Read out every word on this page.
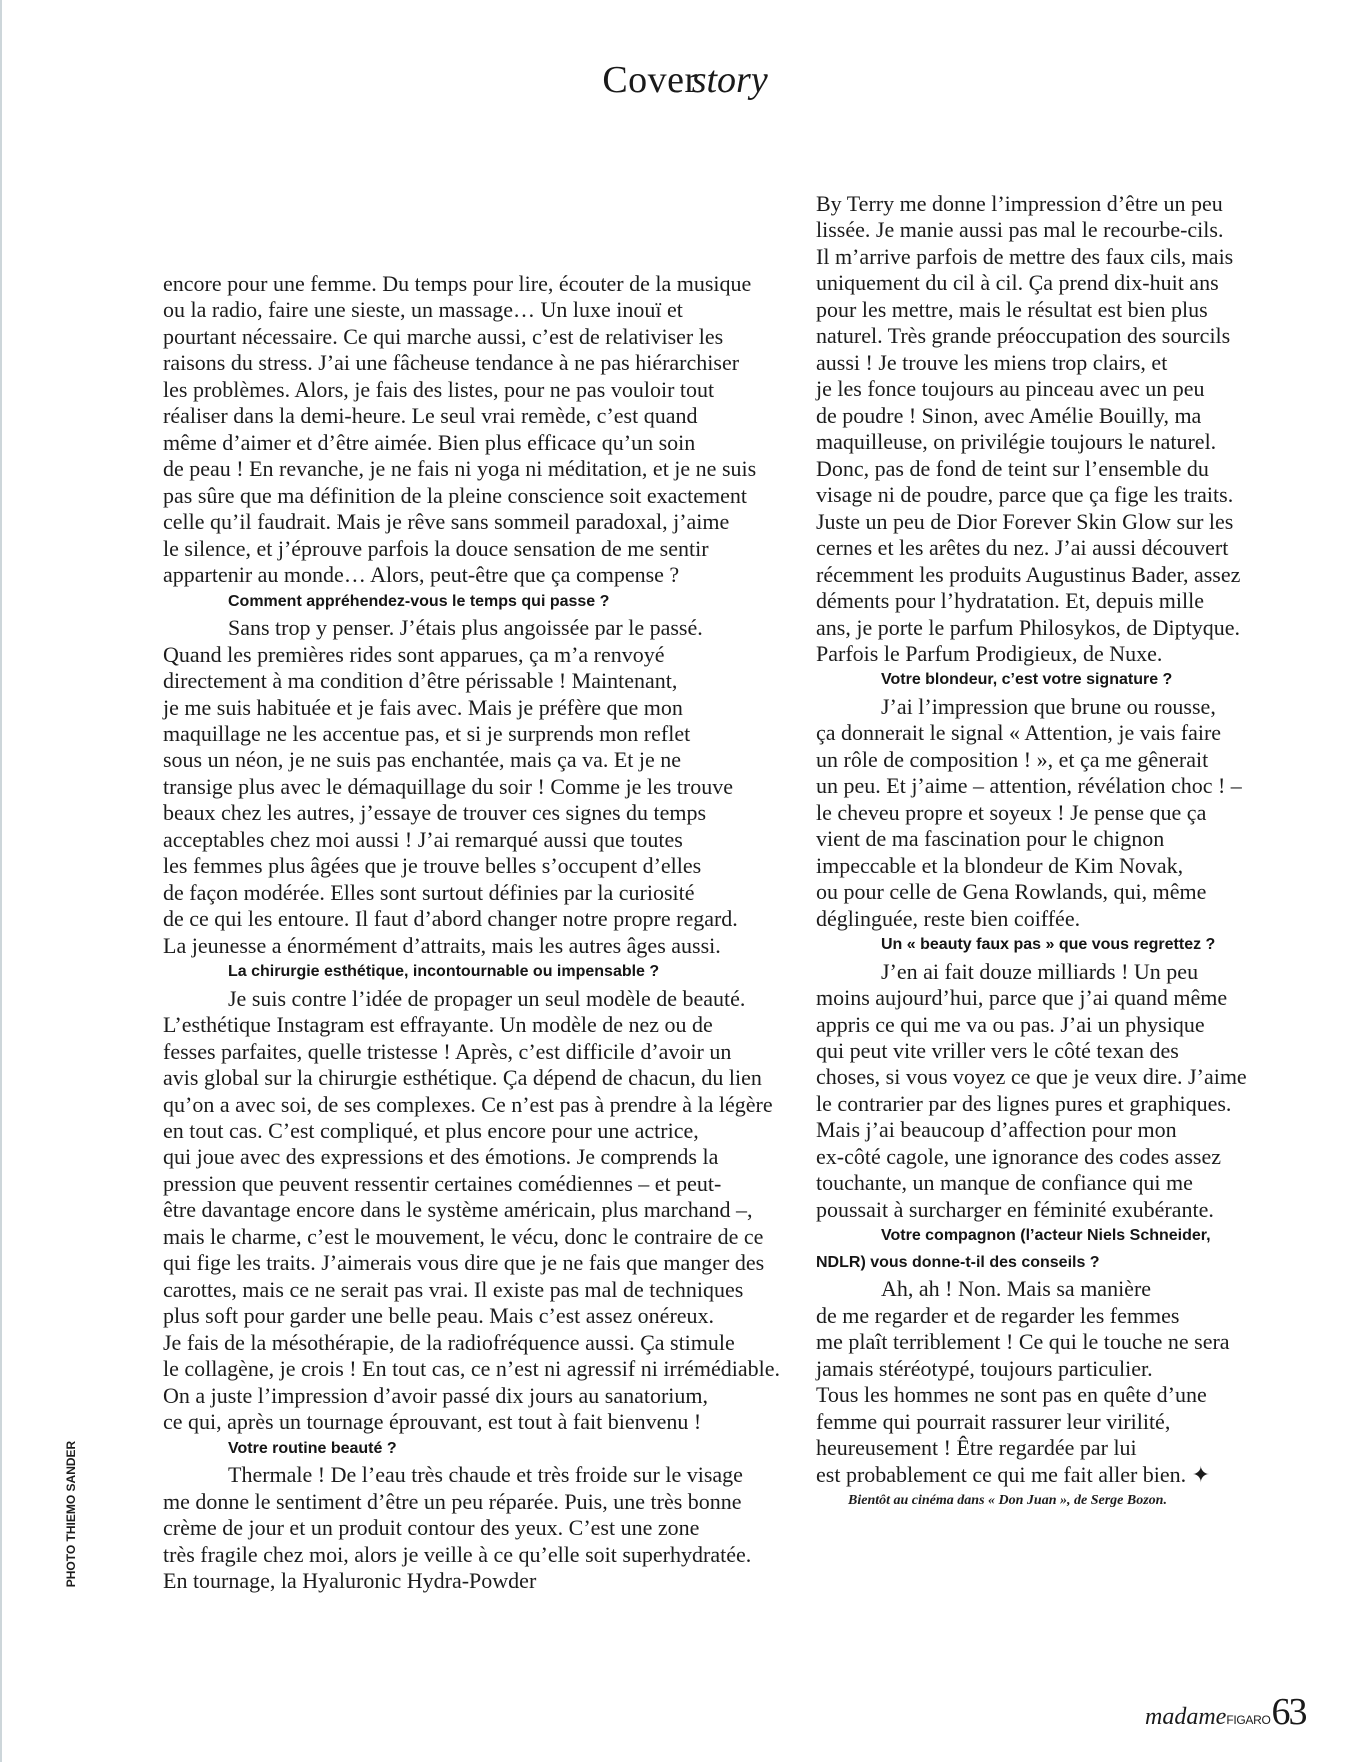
Coverstory
PHOTO THIEMO SANDER
encore pour une femme. Du temps pour lire, écouter de la musique
ou la radio, faire une sieste, un massage… Un luxe inouï et
pourtant nécessaire. Ce qui marche aussi, c’est de relativiser les
raisons du stress. J’ai une fâcheuse tendance à ne pas hiérarchiser
les problèmes. Alors, je fais des listes, pour ne pas vouloir tout
réaliser dans la demi-heure. Le seul vrai remède, c’est quand
même d’aimer et d’être aimée. Bien plus efficace qu’un soin
de peau ! En revanche, je ne fais ni yoga ni méditation, et je ne suis
pas sûre que ma définition de la pleine conscience soit exactement
celle qu’il faudrait. Mais je rêve sans sommeil paradoxal, j’aime
le silence, et j’éprouve parfois la douce sensation de me sentir
appartenir au monde… Alors, peut-être que ça compense ?
Comment appréhendez-vous le temps qui passe ?
Sans trop y penser. J’étais plus angoissée par le passé.
Quand les premières rides sont apparues, ça m’a renvoyé
directement à ma condition d’être périssable ! Maintenant,
je me suis habituée et je fais avec. Mais je préfère que mon
maquillage ne les accentue pas, et si je surprends mon reflet
sous un néon, je ne suis pas enchantée, mais ça va. Et je ne
transige plus avec le démaquillage du soir ! Comme je les trouve
beaux chez les autres, j’essaye de trouver ces signes du temps
acceptables chez moi aussi ! J’ai remarqué aussi que toutes
les femmes plus âgées que je trouve belles s’occupent d’elles
de façon modérée. Elles sont surtout définies par la curiosité
de ce qui les entoure. Il faut d’abord changer notre propre regard.
La jeunesse a énormément d’attraits, mais les autres âges aussi.
La chirurgie esthétique, incontournable ou impensable ?
Je suis contre l’idée de propager un seul modèle de beauté.
L’esthétique Instagram est effrayante. Un modèle de nez ou de
fesses parfaites, quelle tristesse ! Après, c’est difficile d’avoir un
avis global sur la chirurgie esthétique. Ça dépend de chacun, du lien
qu’on a avec soi, de ses complexes. Ce n’est pas à prendre à la légère
en tout cas. C’est compliqué, et plus encore pour une actrice,
qui joue avec des expressions et des émotions. Je comprends la
pression que peuvent ressentir certaines comédiennes – et peut-
être davantage encore dans le système américain, plus marchand –,
mais le charme, c’est le mouvement, le vécu, donc le contraire de ce
qui fige les traits. J’aimerais vous dire que je ne fais que manger des
carottes, mais ce ne serait pas vrai. Il existe pas mal de techniques
plus soft pour garder une belle peau. Mais c’est assez onéreux.
Je fais de la mésothérapie, de la radiofréquence aussi. Ça stimule
le collagène, je crois ! En tout cas, ce n’est ni agressif ni irrémédiable.
On a juste l’impression d’avoir passé dix jours au sanatorium,
ce qui, après un tournage éprouvant, est tout à fait bienvenu !
Votre routine beauté ?
Thermale ! De l’eau très chaude et très froide sur le visage
me donne le sentiment d’être un peu réparée. Puis, une très bonne
crème de jour et un produit contour des yeux. C’est une zone
très fragile chez moi, alors je veille à ce qu’elle soit superhydratée.
En tournage, la Hyaluronic Hydra-Powder
By Terry me donne l’impression d’être un peu
lissée. Je manie aussi pas mal le recourbe-cils.
Il m’arrive parfois de mettre des faux cils, mais
uniquement du cil à cil. Ça prend dix-huit ans
pour les mettre, mais le résultat est bien plus
naturel. Très grande préoccupation des sourcils
aussi ! Je trouve les miens trop clairs, et
je les fonce toujours au pinceau avec un peu
de poudre ! Sinon, avec Amélie Bouilly, ma
maquilleuse, on privilégie toujours le naturel.
Donc, pas de fond de teint sur l’ensemble du
visage ni de poudre, parce que ça fige les traits.
Juste un peu de Dior Forever Skin Glow sur les
cernes et les arêtes du nez. J’ai aussi découvert
récemment les produits Augustinus Bader, assez
déments pour l’hydratation. Et, depuis mille
ans, je porte le parfum Philosykos, de Diptyque.
Parfois le Parfum Prodigieux, de Nuxe.
Votre blondeur, c’est votre signature ?
J’ai l’impression que brune ou rousse,
ça donnerait le signal « Attention, je vais faire
un rôle de composition ! », et ça me gênerait
un peu. Et j’aime – attention, révélation choc ! –
le cheveu propre et soyeux ! Je pense que ça
vient de ma fascination pour le chignon
impeccable et la blondeur de Kim Novak,
ou pour celle de Gena Rowlands, qui, même
déglinguée, reste bien coiffée.
Un « beauty faux pas » que vous regrettez ?
J’en ai fait douze milliards ! Un peu
moins aujourd’hui, parce que j’ai quand même
appris ce qui me va ou pas. J’ai un physique
qui peut vite vriller vers le côté texan des
choses, si vous voyez ce que je veux dire. J’aime
le contrarier par des lignes pures et graphiques.
Mais j’ai beaucoup d’affection pour mon
ex-côté cagole, une ignorance des codes assez
touchante, un manque de confiance qui me
poussait à surcharger en féminité exubérante.
Votre compagnon (l’acteur Niels Schneider,
NDLR) vous donne-t-il des conseils ?
Ah, ah ! Non. Mais sa manière
de me regarder et de regarder les femmes
me plaît terriblement ! Ce qui le touche ne sera
jamais stéréotypé, toujours particulier.
Tous les hommes ne sont pas en quête d’une
femme qui pourrait rassurer leur virilité,
heureusement ! Être regardée par lui
est probablement ce qui me fait aller bien. ✦
Bientôt au cinéma dans « Don Juan », de Serge Bozon.
madame FIGARO 63
